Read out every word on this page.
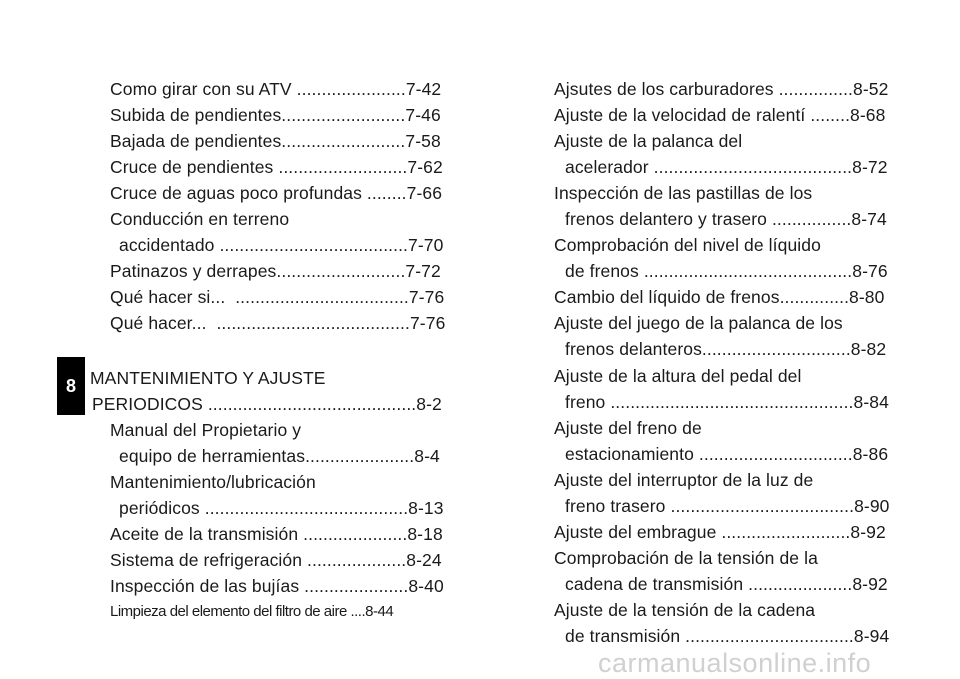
Como girar con su ATV ......................7-42
Subida de pendientes.........................7-46
Bajada de pendientes.........................7-58
Cruce de pendientes ..........................7-62
Cruce de aguas poco profundas ........7-66
Conducción en terreno
accidentado ......................................7-70
Patinazos y derrapes..........................7-72
Qué hacer si...  ...................................7-76
Qué hacer...  .......................................7-76
8 MANTENIMIENTO Y AJUSTE
PERIODICOS ..........................................8-2
Manual del Propietario y
equipo de herramientas......................8-4
Mantenimiento/lubricación
periódicos .........................................8-13
Aceite de la transmisión .....................8-18
Sistema de refrigeración ....................8-24
Inspección de las bujías .....................8-40
Limpieza del elemento del filtro de aire ....8-44
Ajsutes de los carburadores ...............8-52
Ajuste de la velocidad de ralentí ........8-68
Ajuste de la palanca del
acelerador ........................................8-72
Inspección de las pastillas de los
frenos delantero y trasero ................8-74
Comprobación del nivel de líquido
de frenos ..........................................8-76
Cambio del líquido de frenos..............8-80
Ajuste del juego de la palanca de los
frenos delanteros..............................8-82
Ajuste de la altura del pedal del
freno .................................................8-84
Ajuste del freno de
estacionamiento ...............................8-86
Ajuste del interruptor de la luz de
freno trasero .....................................8-90
Ajuste del embrague ..........................8-92
Comprobación de la tensión de la
cadena de transmisión .....................8-92
Ajuste de la tensión de la cadena
de transmisión ..................................8-94
carmanualsonline.info
